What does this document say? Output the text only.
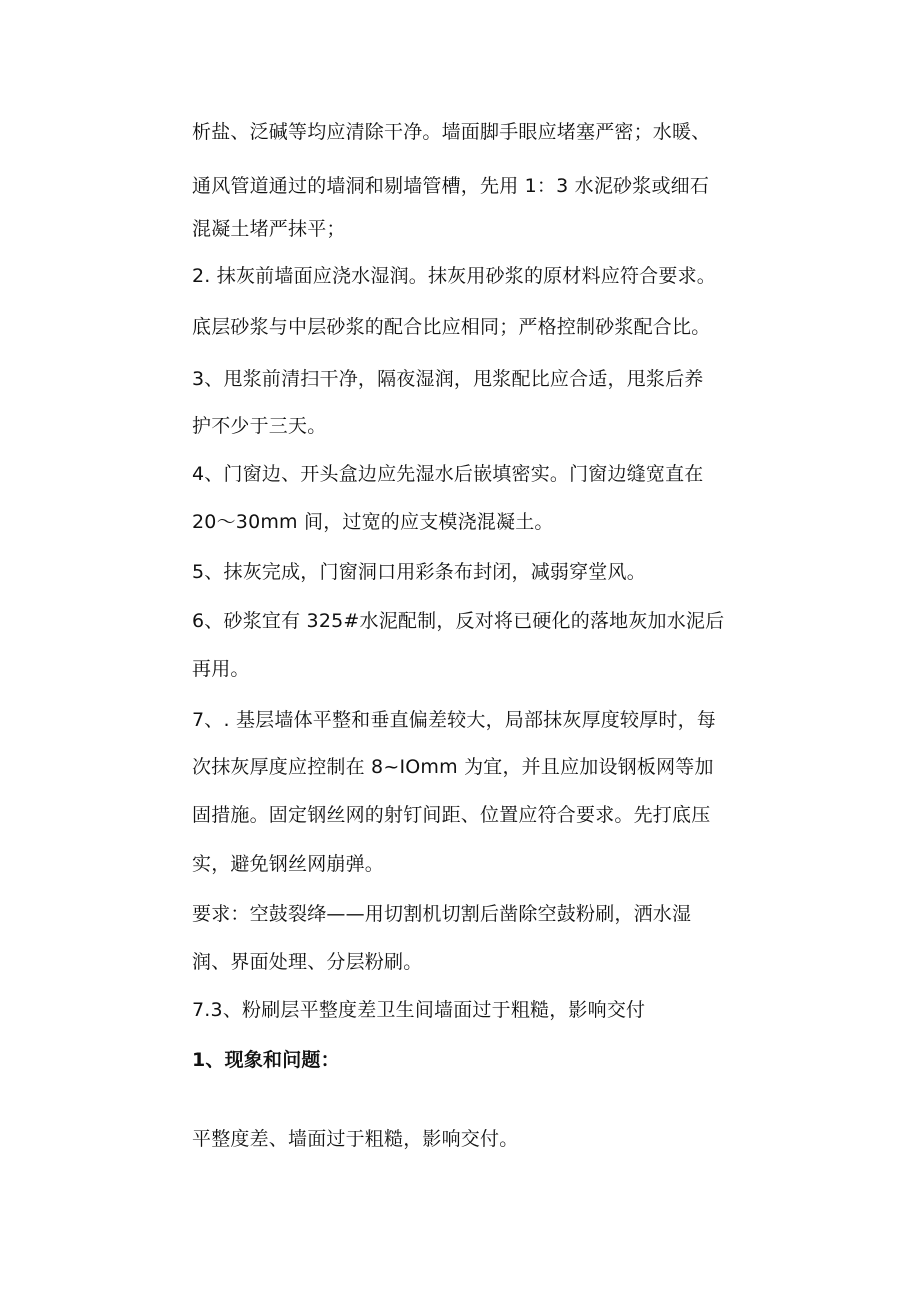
析盐、泛碱等均应清除干净。墙面脚手眼应堵塞严密；水暖、

通风管道通过的墙洞和剔墙管槽，先用 1：3 水泥砂浆或细石

混凝土堵严抹平；

2. 抹灰前墙面应浇水湿润。抹灰用砂浆的原材料应符合要求。

底层砂浆与中层砂浆的配合比应相同；严格控制砂浆配合比。

3、甩浆前清扫干净，隔夜湿润，甩浆配比应合适，甩浆后养

护不少于三天。

4、门窗边、开头盒边应先湿水后嵌填密实。门窗边缝宽直在

20～30mm 间，过宽的应支模浇混凝土。

5、抹灰完成，门窗洞口用彩条布封闭，减弱穿堂风。

6、砂浆宜有 325#水泥配制，反对将已硬化的落地灰加水泥后

再用。

7、. 基层墙体平整和垂直偏差较大，局部抹灰厚度较厚时，每

次抹灰厚度应控制在 8~IOmm 为宜，并且应加设钢板网等加

固措施。固定钢丝网的射钉间距、位置应符合要求。先打底压

实，避免钢丝网崩弹。

要求：空鼓裂绛——用切割机切割后凿除空鼓粉刷，洒水湿

润、界面处理、分层粉刷。

7.3、粉刷层平整度差卫生间墙面过于粗糙，影响交付

1、现象和问题：

平整度差、墙面过于粗糙，影响交付。
